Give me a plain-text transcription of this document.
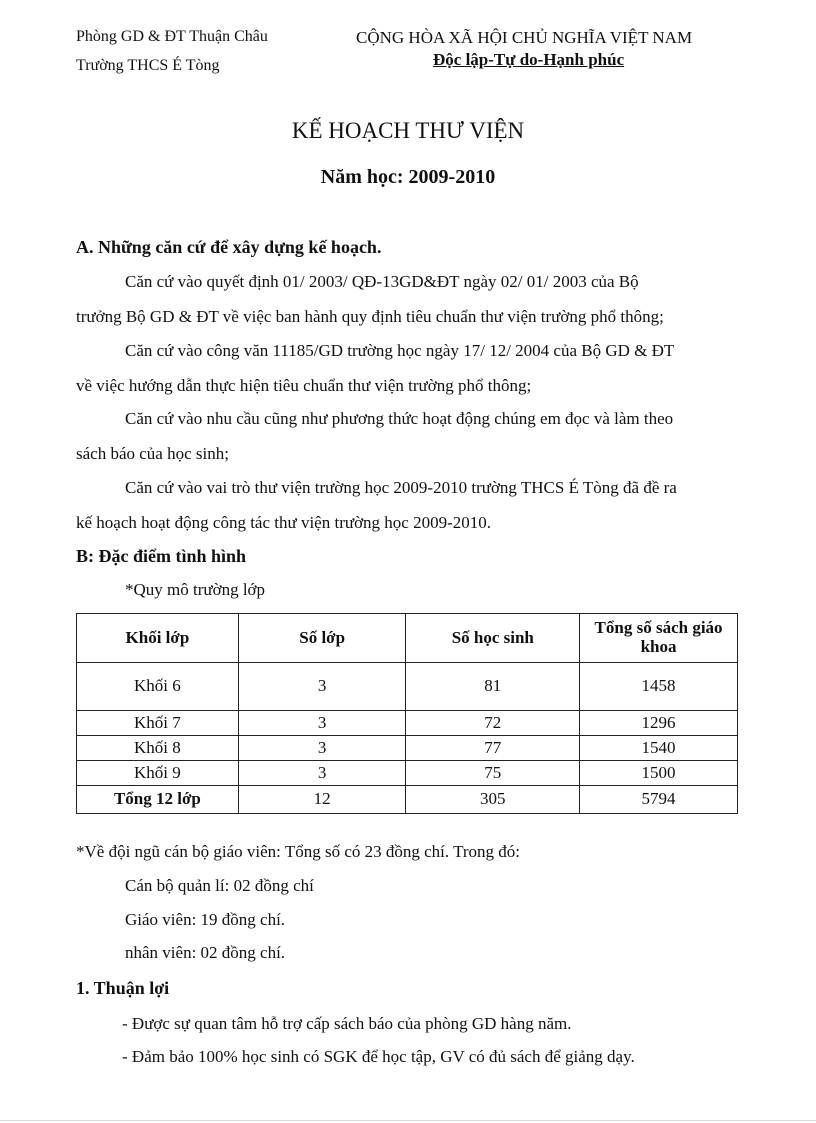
Phòng GD & ĐT Thuận Châu
Trường THCS É Tòng
CỘNG HÒA XÃ HỘI CHỦ NGHĨA VIỆT NAM
Độc lập-Tự do-Hạnh phúc
KẾ HOẠCH THƯ VIỆN
Năm học: 2009-2010
A. Những căn cứ để xây dựng kế hoạch.
Căn cứ vào quyết định 01/ 2003/ QĐ-13GD&ĐT ngày 02/ 01/ 2003 của Bộ
trưởng Bộ GD & ĐT về việc ban hành quy định tiêu chuẩn thư viện trường phổ thông;
Căn cứ vào công văn 11185/GD trường học ngày 17/ 12/ 2004 của Bộ GD & ĐT
về việc hướng dẫn thực hiện tiêu chuẩn thư viện trường phổ thông;
Căn cứ vào nhu cầu cũng như phương thức hoạt động chúng em đọc và làm theo
sách báo của học sinh;
Căn cứ vào vai trò thư viện trường học 2009-2010 trường THCS É Tòng đã đề ra
kế hoạch hoạt động công tác thư viện trường học 2009-2010.
B: Đặc điểm tình hình
*Quy mô trường lớp
Khối lớp	Số lớp	Số học sinh	Tổng số sách giáo khoa
Khối 6	3	81	1458
Khối 7	3	72	1296
Khối 8	3	77	1540
Khối 9	3	75	1500
Tổng 12 lớp	12	305	5794
*Về đội ngũ cán bộ giáo viên: Tổng số có 23 đồng chí. Trong đó:
Cán bộ quản lí: 02 đồng chí
Giáo viên: 19 đồng chí.
nhân viên: 02 đồng chí.
1. Thuận lợi
- Được sự quan tâm hỗ trợ cấp sách báo của phòng GD hàng năm.
- Đảm bảo 100% học sinh có SGK để học tập, GV có đủ sách để giảng dạy.
